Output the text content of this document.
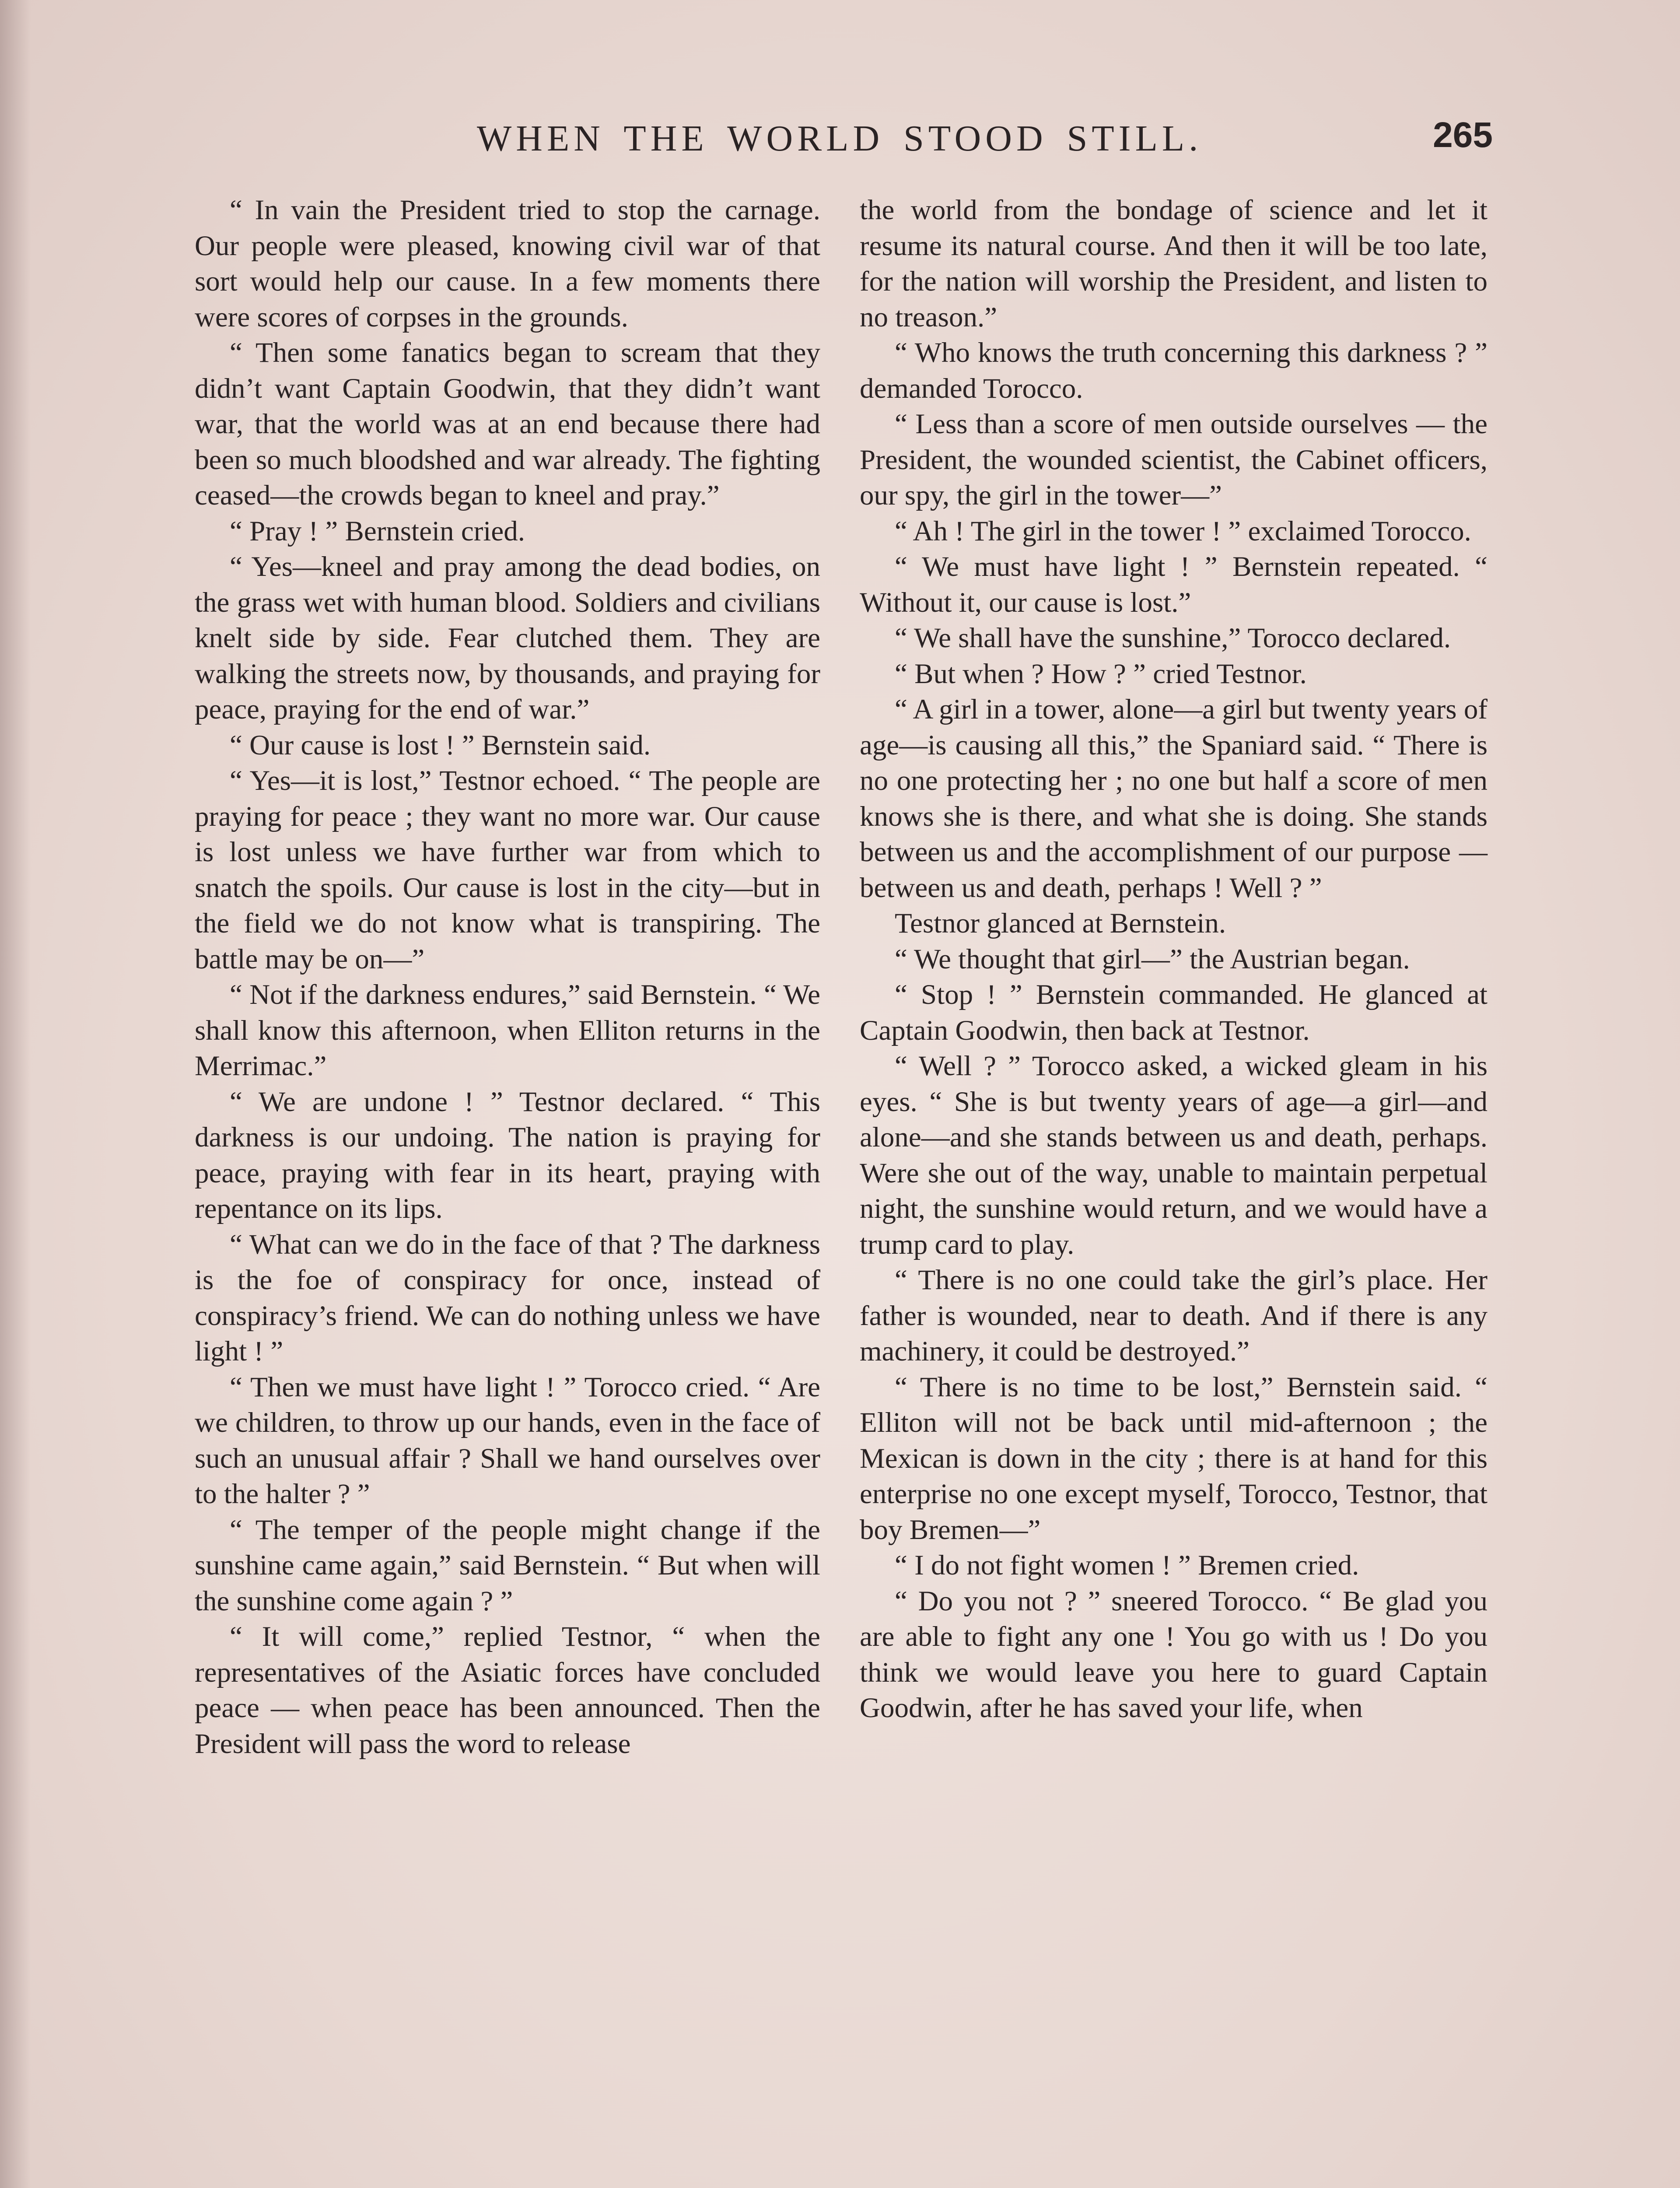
WHEN THE WORLD STOOD STILL.	265

“ In vain the President tried to stop the carnage. Our people were pleased, knowing civil war of that sort would help our cause. In a few moments there were scores of corpses in the grounds.

“ Then some fanatics began to scream that they didn’t want Captain Goodwin, that they didn’t want war, that the world was at an end because there had been so much bloodshed and war already. The fighting ceased—the crowds began to kneel and pray.”

“ Pray ! ” Bernstein cried.

“ Yes—kneel and pray among the dead bodies, on the grass wet with human blood. Soldiers and civilians knelt side by side. Fear clutched them. They are walking the streets now, by thousands, and praying for peace, praying for the end of war.”

“ Our cause is lost ! ” Bernstein said.

“ Yes—it is lost,” Testnor echoed. “ The people are praying for peace ; they want no more war. Our cause is lost unless we have further war from which to snatch the spoils. Our cause is lost in the city—but in the field we do not know what is transpiring. The battle may be on—”

“ Not if the darkness endures,” said Bernstein. “ We shall know this afternoon, when Elliton returns in the Merrimac.”

“ We are undone ! ” Testnor declared. “ This darkness is our undoing. The nation is praying for peace, praying with fear in its heart, praying with repentance on its lips.

“ What can we do in the face of that ? The darkness is the foe of conspiracy for once, instead of conspiracy’s friend. We can do nothing unless we have light ! ”

“ Then we must have light ! ” Torocco cried. “ Are we children, to throw up our hands, even in the face of such an unusual affair ? Shall we hand ourselves over to the halter ? ”

“ The temper of the people might change if the sunshine came again,” said Bernstein. “ But when will the sunshine come again ? ”

“ It will come,” replied Testnor, “ when the representatives of the Asiatic forces have concluded peace — when peace has been announced. Then the President will pass the word to release

the world from the bondage of science and let it resume its natural course. And then it will be too late, for the nation will worship the President, and listen to no treason.”

“ Who knows the truth concerning this darkness ? ” demanded Torocco.

“ Less than a score of men outside ourselves — the President, the wounded scientist, the Cabinet officers, our spy, the girl in the tower—”

“ Ah ! The girl in the tower ! ” exclaimed Torocco.

“ We must have light ! ” Bernstein repeated. “ Without it, our cause is lost.”

“ We shall have the sunshine,” Torocco declared.

“ But when ? How ? ” cried Testnor.

“ A girl in a tower, alone—a girl but twenty years of age—is causing all this,” the Spaniard said. “ There is no one protecting her ; no one but half a score of men knows she is there, and what she is doing. She stands between us and the accomplishment of our purpose — between us and death, perhaps ! Well ? ”

Testnor glanced at Bernstein.

“ We thought that girl—” the Austrian began.

“ Stop ! ” Bernstein commanded. He glanced at Captain Goodwin, then back at Testnor.

“ Well ? ” Torocco asked, a wicked gleam in his eyes. “ She is but twenty years of age—a girl—and alone—and she stands between us and death, perhaps. Were she out of the way, unable to maintain perpetual night, the sunshine would return, and we would have a trump card to play.

“ There is no one could take the girl’s place. Her father is wounded, near to death. And if there is any machinery, it could be destroyed.”

“ There is no time to be lost,” Bernstein said. “ Elliton will not be back until mid-afternoon ; the Mexican is down in the city ; there is at hand for this enterprise no one except myself, Torocco, Testnor, that boy Bremen—”

“ I do not fight women ! ” Bremen cried.

“ Do you not ? ” sneered Torocco. “ Be glad you are able to fight any one ! You go with us ! Do you think we would leave you here to guard Captain Goodwin, after he has saved your life, when
